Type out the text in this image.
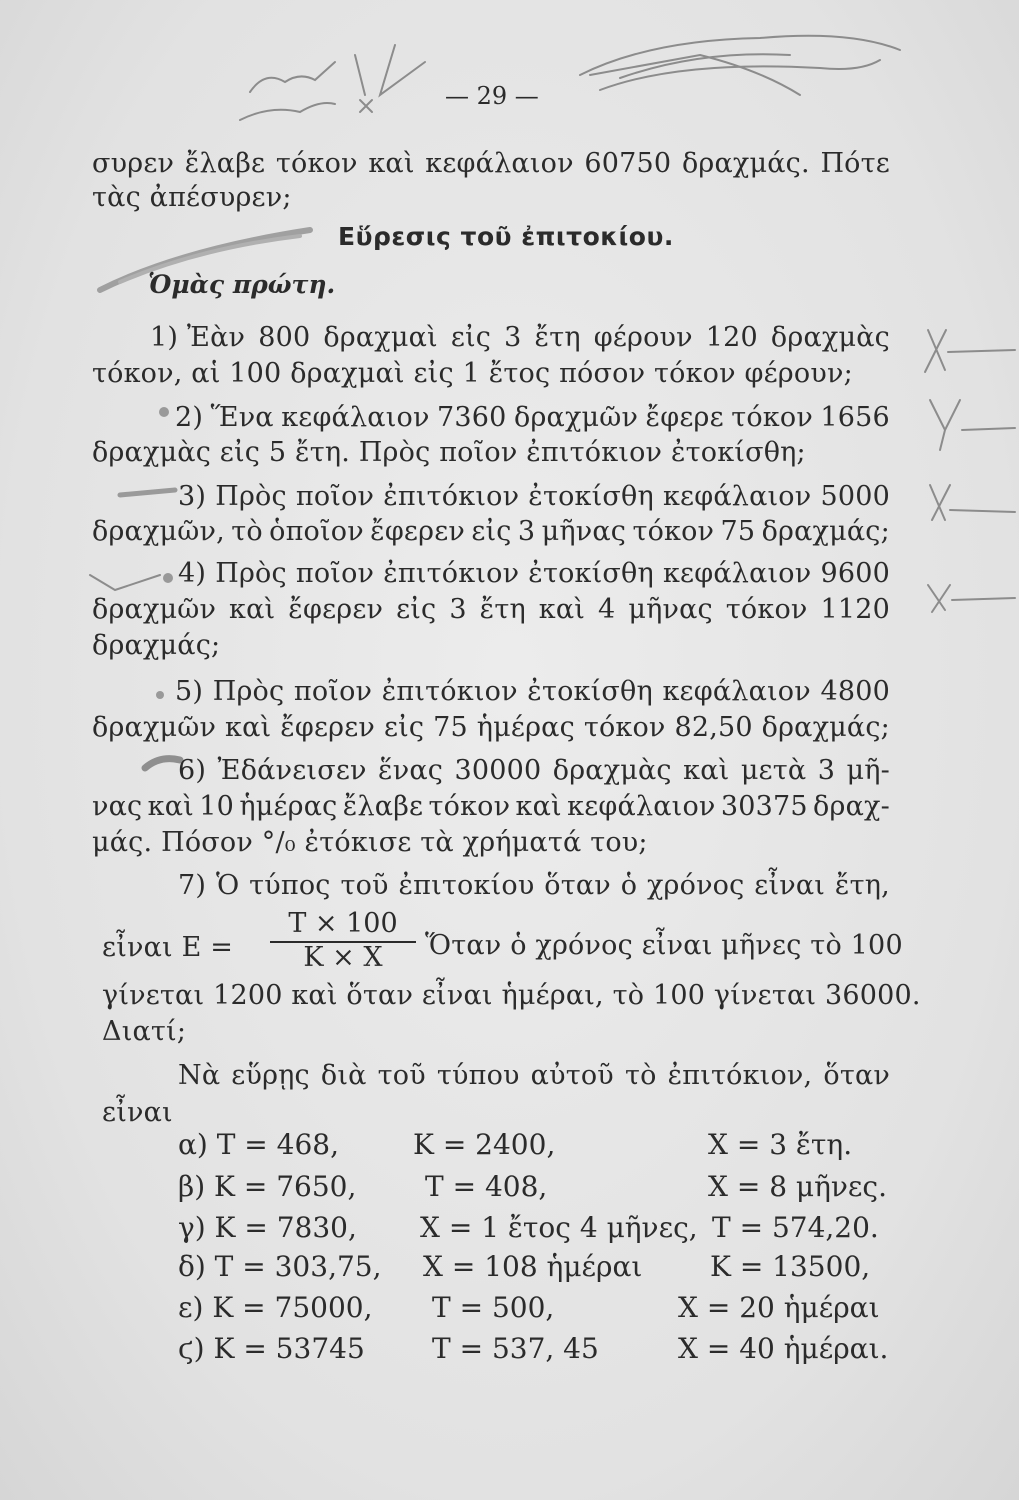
— 29 —
συρεν ἔλαβε τόκον καὶ κεφάλαιον 60750 δραχμάς. Πότε
τὰς ἀπέσυρεν;
Εὕρεσις τοῦ ἐπιτοκίου.
Ὁμὰς πρώτη.
1) Ἐὰν 800 δραχμαὶ εἰς 3 ἔτη φέρουν 120 δραχμὰς
τόκον, αἱ 100 δραχμαὶ εἰς 1 ἔτος πόσον τόκον φέρουν;
2) Ἕνα κεφάλαιον 7360 δραχμῶν ἔφερε τόκον 1656
δραχμὰς εἰς 5 ἔτη. Πρὸς ποῖον ἐπιτόκιον ἐτοκίσθη;
3) Πρὸς ποῖον ἐπιτόκιον ἐτοκίσθη κεφάλαιον 5000
δραχμῶν, τὸ ὁποῖον ἔφερεν εἰς 3 μῆνας τόκον 75 δραχμάς;
4) Πρὸς ποῖον ἐπιτόκιον ἐτοκίσθη κεφάλαιον 9600
δραχμῶν καὶ ἔφερεν εἰς 3 ἔτη καὶ 4 μῆνας τόκον 1120
δραχμάς;
5) Πρὸς ποῖον ἐπιτόκιον ἐτοκίσθη κεφάλαιον 4800
δραχμῶν καὶ ἔφερεν εἰς 75 ἡμέρας τόκον 82,50 δραχμάς;
6) Ἐδάνεισεν ἕνας 30000 δραχμὰς καὶ μετὰ 3 μῆ-
νας καὶ 10 ἡμέρας ἔλαβε τόκον καὶ κεφάλαιον 30375 δραχ-
μάς. Πόσον °/₀ ἐτόκισε τὰ χρήματά του;
7) Ὁ τύπος τοῦ ἐπιτοκίου ὅταν ὁ χρόνος εἶναι ἔτη,
εἶναι Ε =
Τ × 100
Κ × Χ	Ὅταν ὁ χρόνος εἶναι μῆνες τὸ 100
γίνεται 1200 καὶ ὅταν εἶναι ἡμέραι, τὸ 100 γίνεται 36000.
Διατί;
Νὰ εὕρῃς διὰ τοῦ τύπου αὐτοῦ τὸ ἐπιτόκιον, ὅταν
εἶναι
α) Τ = 468,	Κ = 2400,	Χ = 3 ἔτη.
β) Κ = 7650, Τ = 408,	Χ = 8 μῆνες.
γ) Κ = 7830, Χ = 1 ἔτος 4 μῆνες, Τ = 574,20.
δ) Τ = 303,75, Χ = 108 ἡμέραι Κ = 13500,
ε) Κ = 75000, Τ = 500,	Χ = 20 ἡμέραι
ϛ) Κ = 53745 Τ = 537, 45	Χ = 40 ἡμέραι.
